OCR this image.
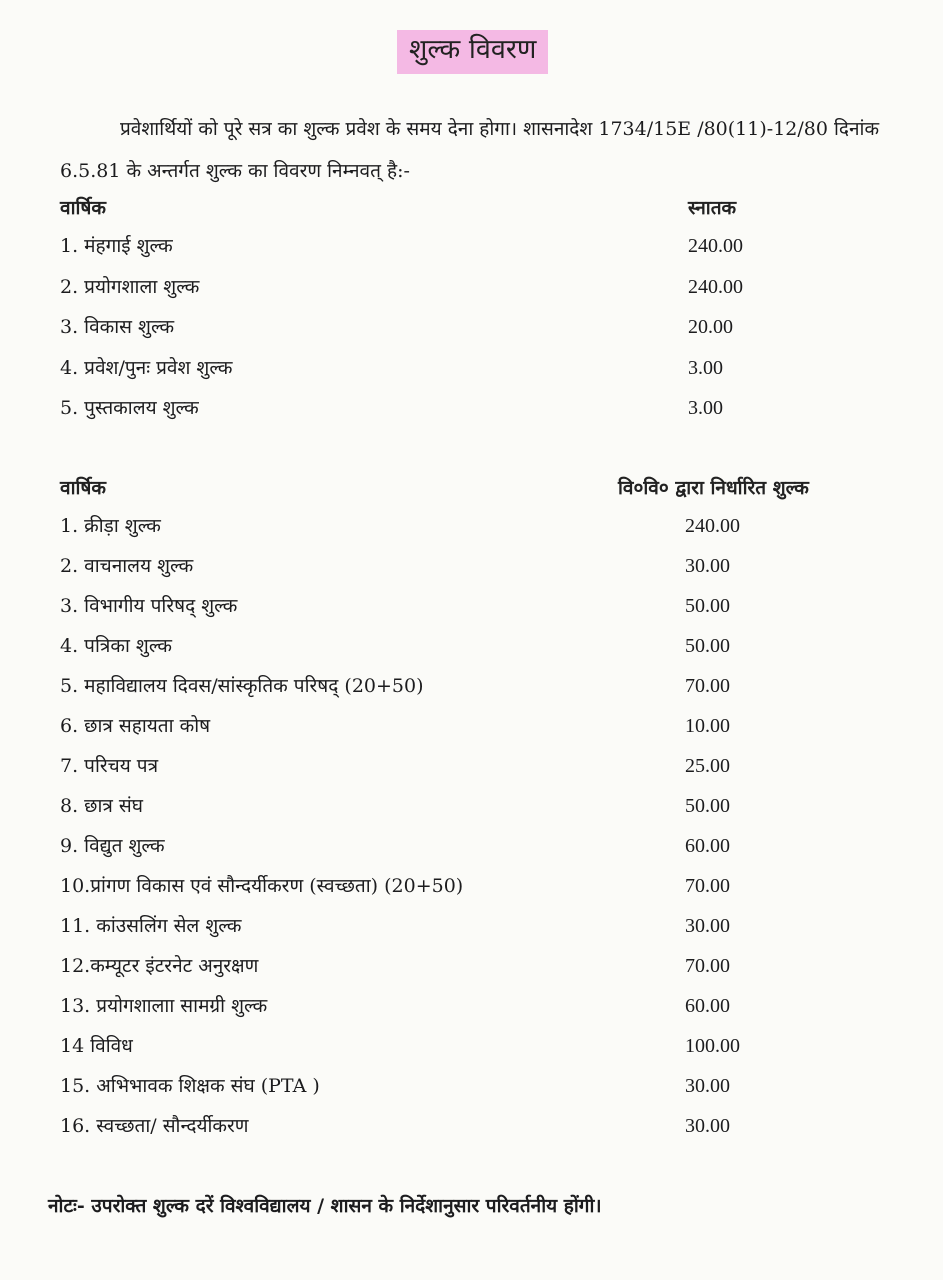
शुल्क विवरण
प्रवेशार्थियों को पूरे सत्र का शुल्क प्रवेश के समय देना होगा। शासनादेश 1734/15E /80(11)-12/80 दिनांक 6.5.81 के अन्तर्गत शुल्क का विवरण निम्नवत् है:-
वार्षिक	स्नातक
1. मंहगाई शुल्क	240.00
2. प्रयोगशाला शुल्क	240.00
3. विकास शुल्क	20.00
4. प्रवेश/पुनः प्रवेश शुल्क	3.00
5. पुस्तकालय शुल्क	3.00
वार्षिक	वि०वि० द्वारा निर्धारित शुल्क
1. क्रीड़ा शुल्क	240.00
2. वाचनालय शुल्क	30.00
3. विभागीय परिषद् शुल्क	50.00
4. पत्रिका शुल्क	50.00
5. महाविद्यालय दिवस/सांस्कृतिक परिषद् (20+50)	70.00
6. छात्र सहायता कोष	10.00
7. परिचय पत्र	25.00
8. छात्र संघ	50.00
9. विद्युत शुल्क	60.00
10.प्रांगण विकास एवं सौन्दर्यीकरण (स्वच्छता) (20+50)	70.00
11. कांउसलिंग सेल शुल्क	30.00
12.कम्यूटर इंटरनेट अनुरक्षण	70.00
13. प्रयोगशालाा सामग्री शुल्क	60.00
14 विविध	100.00
15. अभिभावक शिक्षक संघ (PTA )	30.00
16. स्वच्छता/ सौन्दर्यीकरण	30.00
नोटः- उपरोक्त शुल्क दरें विश्वविद्यालय / शासन के निर्देशानुसार परिवर्तनीय होंगी।
